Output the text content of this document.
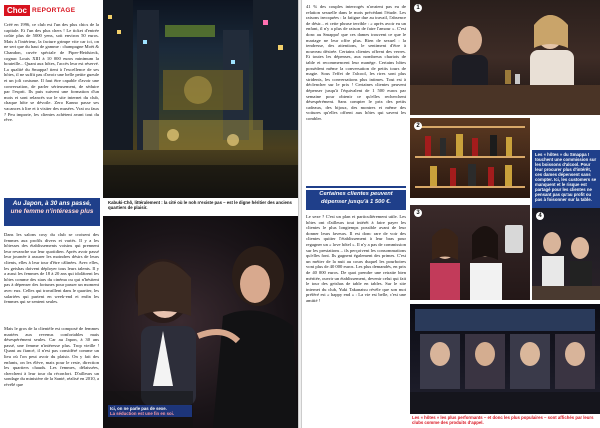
Choc REPORTAGE

Créé en 1996, ce club est l'un des plus chics de la capitale. Et l'un des plus chers ! Le ticket d'entrée coûte plus de 5000 yens, soit environ 50 euros. Mais à l'intérieur, la facture grimpe vite car ici, on ne sert que du haut de gamme : champagne Moët & Chandon, cuvée spéciale de Piper-Heidsieck, cognac Louis XIII à 10 000 euros minimum la bouteille... Quant aux hôtes, l'accès leur est réservé. La qualité du Smappa! tient à l'excellence de ses hôtes, il ne suffit pas d'avoir une belle petite gueule et un joli costume. Il faut être capable d'avoir une conversation, de parler sérieusement, de séduire par l'esprit. Ils puis suivent une formation d'un mois et sont relancés sur le site internet du club, chaque hôte se dévoile. Zero Kanno passe ses vacances à lire et à visiter des musées. Vrai ou faux ? Peu importe, les clientes achètent avant tout du rêve.

Kabuki-Chô, littéralement : la cité où le noh n'existe pas – est le digne héritier des anciens quartiers de plaisir.
Au Japon, à 30 ans passé,
une femme n'intéresse plus

Dans les salons cosy du club se croisent des femmes aux profils divers et variés. Il y a les hôtesses des établissements voisins qui prennent leur revanche sur leur quotidien. Après avoir passé leur journée à assurer les moindres désirs de leurs clients, elles à leur tour d'être câlinées. Avec elles, les geishas doivent déployer tous leurs talents. Il y a aussi les femmes de 18 à 20 ans qui idolâtrent les hôtes comme des stars du cinéma ou qui n'hésitent pas à dépenser des fortunes pour passer un moment avec eux. Celles qui travaillent dans le quartier, les salariées qui partent en week-end et enfin les femmes qui se sentent seules.

Mais le gros de la clientèle est composé de femmes mariées aux revenus confortables mais désespérément seules. Car au Japon, à 30 ans passé, une femme n'intéresse plus. Trop vieille ! Quant au fiancé, il n'est pas considéré comme un lieu où l'on peut avoir du plaisir. On y fait des enfants, on les élève, mais pour le reste, direction les quartiers chauds. Les femmes, délaissées, cherchent à leur tour du réconfort. D'ailleurs un sondage du ministère de la Santé, réalisé en 2010, a révélé que

Ici, on ne parle pas de sexe.
La séduction est une fin en soi.

41 % des couples interrogés n'avaient pas eu de relation sexuelle dans le mois précédant l'étude. Les raisons invoquées : la fatigue due au travail, l'absence de désir... et cette phrase terrible : « après avoir eu un enfant, il n'y a plus de raison de faire l'amour ». C'est donc au Smappa! que ces dames trouvent ce que le mariage ne leur offre plus. Rien de sexuel : la tendresse, des attentions, le sentiment d'être à nouveau désirée. Certains clientes offrent des verres. Et toutes les dépenses, aux nombreux chariots de table et recommencent leur manège. Certains hôtes possèdent même la conversation de petits tours de magie. Sous l'effet de l'alcool, les rires sont plus stridents, les conversations plus intimes. Tout est à déclencher sur le prix ! Certaines clientes peuvent dépenser jusqu'à l'équivalent de 1 500 euros par semaine pour obtenir ce qu'elles recherchent désespérément. Sans compter le prix des petits cadeaux, des bijoux, des montres et même des voitures qu'elles offrent aux hôtes qui savent les combler.

Certaines clientes peuvent
dépenser jusqu'à 1 500 €.

Le sexe ? C'est un plan et particulièrement utile. Les hôtes ont d'ailleurs tout intérêt à faire payer les clientes le plus longtemps possible avant de leur donner leurs faveurs. Il est donc rare de voir des clientes quitter l'établissement à leur bras pour regagner un « love hôtel ». Il n'y a pas de commission sur les prestations – ils perçoivent les consommations qu'elles font. Ils gagnent également des primes. C'est un métier de la nuit au cours duquel les pourboires vont plus de 40 000 euros. Les plus demandés, en prix de 40 000 euros. De quoi prendre une retraite bien méritée, ouvrir un établissement, devenir celui qui fait le tour des geishas de table en tables. Sur le site internet du club, Yuki Takanatsu révèle que son mot préféré est « happy end » : La vie est belle, c'est une amitié !

1
2
Les « hôtes » du Smappa ! touchent une commission sur les boissons d'alcool. Pour leur procurer plus d'intérêt, ces dames dépensent sans compter. Ici, les customers se manquent et le risque est partagé pour les clientes ne pensant pas qu'au profit ou pas à foisonner sur la table.
3	4
Les « hôtes » les plus performants – et donc les plus populaires – sont affichés par leurs clubs comme des produits d'appel.
